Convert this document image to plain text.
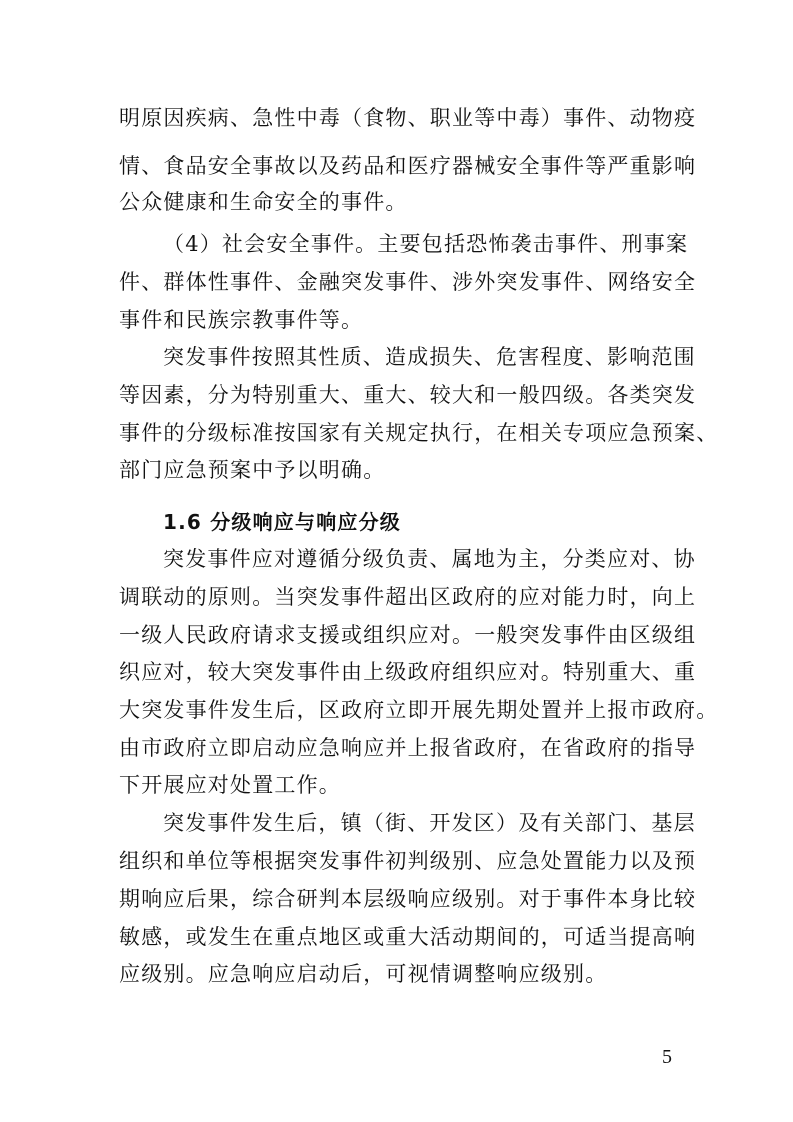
明原因疾病、急性中毒（食物、职业等中毒）事件、动物疫
情、食品安全事故以及药品和医疗器械安全事件等严重影响
公众健康和生命安全的事件。
（4）社会安全事件。主要包括恐怖袭击事件、刑事案
件、群体性事件、金融突发事件、涉外突发事件、网络安全
事件和民族宗教事件等。
突发事件按照其性质、造成损失、危害程度、影响范围
等因素，分为特别重大、重大、较大和一般四级。各类突发
事件的分级标准按国家有关规定执行，在相关专项应急预案、
部门应急预案中予以明确。
1.6 分级响应与响应分级
突发事件应对遵循分级负责、属地为主，分类应对、协
调联动的原则。当突发事件超出区政府的应对能力时，向上
一级人民政府请求支援或组织应对。一般突发事件由区级组
织应对，较大突发事件由上级政府组织应对。特别重大、重
大突发事件发生后，区政府立即开展先期处置并上报市政府。
由市政府立即启动应急响应并上报省政府，在省政府的指导
下开展应对处置工作。
突发事件发生后，镇（街、开发区）及有关部门、基层
组织和单位等根据突发事件初判级别、应急处置能力以及预
期响应后果，综合研判本层级响应级别。对于事件本身比较
敏感，或发生在重点地区或重大活动期间的，可适当提高响
应级别。应急响应启动后，可视情调整响应级别。
5
